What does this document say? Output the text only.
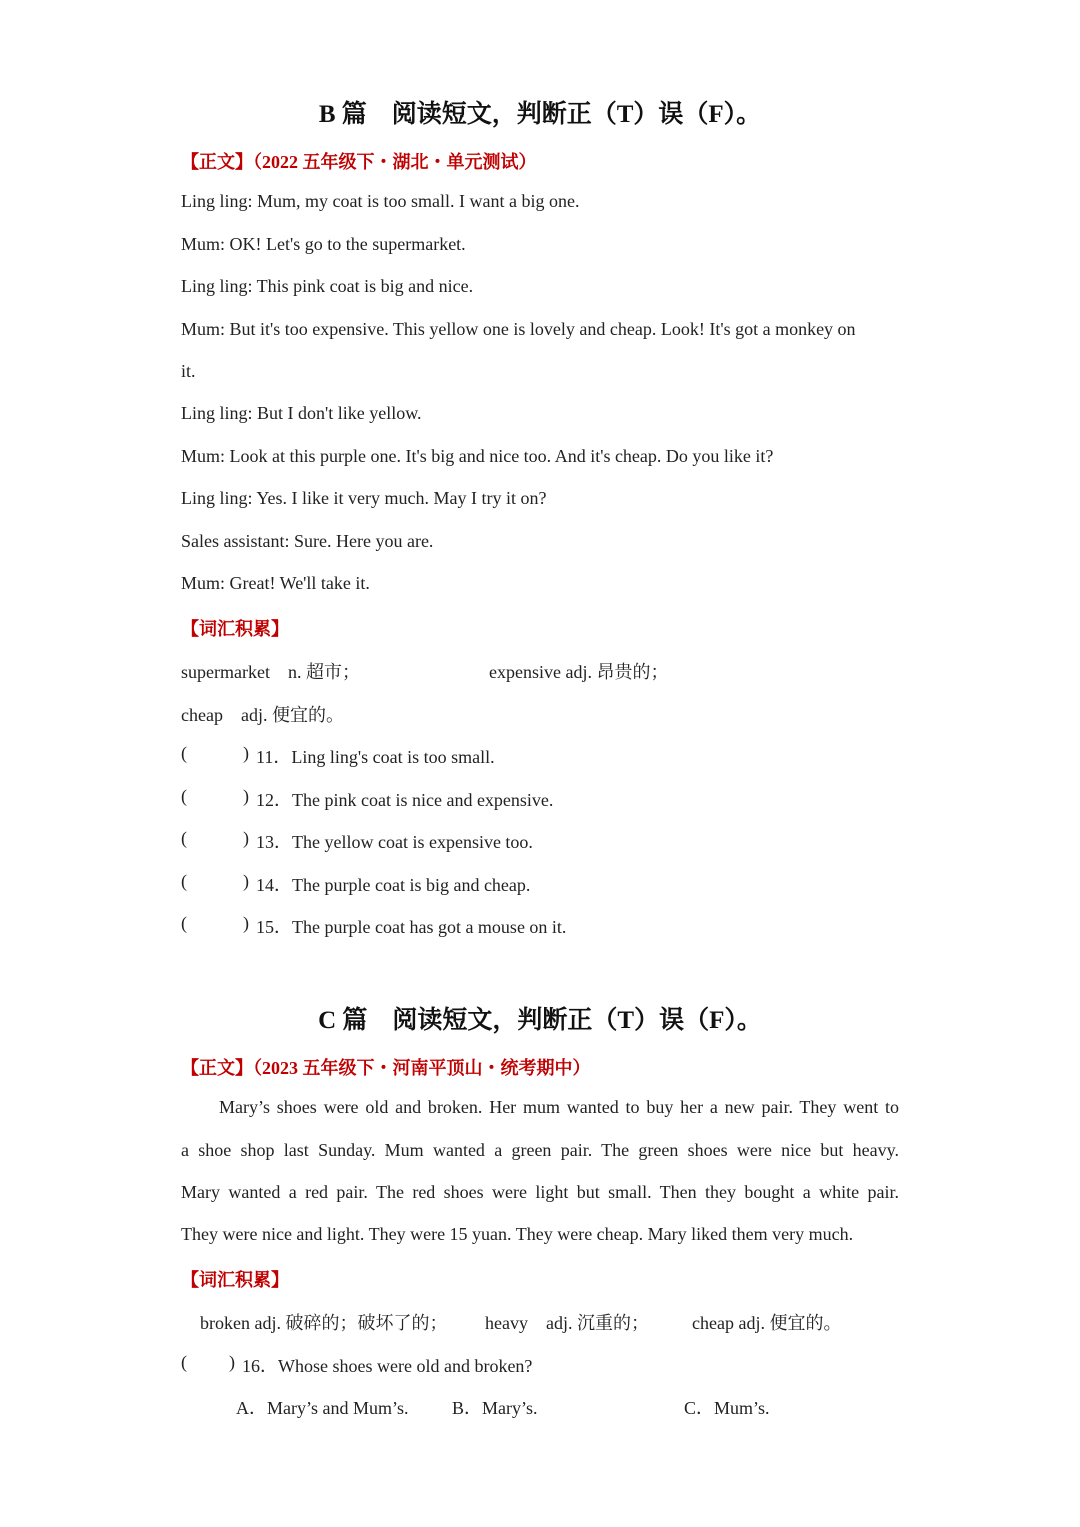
B 篇　阅读短文，判断正（T）误（F）。
【正文】（2022 五年级下・湖北・单元测试）
Ling ling: Mum, my coat is too small. I want a big one.
Mum: OK! Let's go to the supermarket.
Ling ling: This pink coat is big and nice.
Mum: But it's too expensive. This yellow one is lovely and cheap. Look! It's got a monkey on
it.
Ling ling: But I don't like yellow.
Mum: Look at this purple one. It's big and nice too. And it's cheap. Do you like it?
Ling ling: Yes. I like it very much. May I try it on?
Sales assistant: Sure. Here you are.
Mum: Great! We'll take it.
【词汇积累】
supermarket　n. 超市；	expensive adj. 昂贵的；
cheap　adj. 便宜的。
(	) 11．Ling ling's coat is too small.
(	) 12．The pink coat is nice and expensive.
(	) 13．The yellow coat is expensive too.
(	) 14．The purple coat is big and cheap.
(	) 15．The purple coat has got a mouse on it.
C 篇　阅读短文，判断正（T）误（F）。
【正文】（2023 五年级下・河南平顶山・统考期中）
Mary’s shoes were old and broken. Her mum wanted to buy her a new pair. They went to
a shoe shop last Sunday. Mum wanted a green pair. The green shoes were nice but heavy.
Mary wanted a red pair. The red shoes were light but small. Then they bought a white pair.
They were nice and light. They were 15 yuan. They were cheap. Mary liked them very much.
【词汇积累】
broken adj. 破碎的；破坏了的； heavy　adj. 沉重的； cheap adj. 便宜的。
( ) 16．Whose shoes were old and broken?
A．Mary’s and Mum’s. B．Mary’s.	C．Mum’s.
